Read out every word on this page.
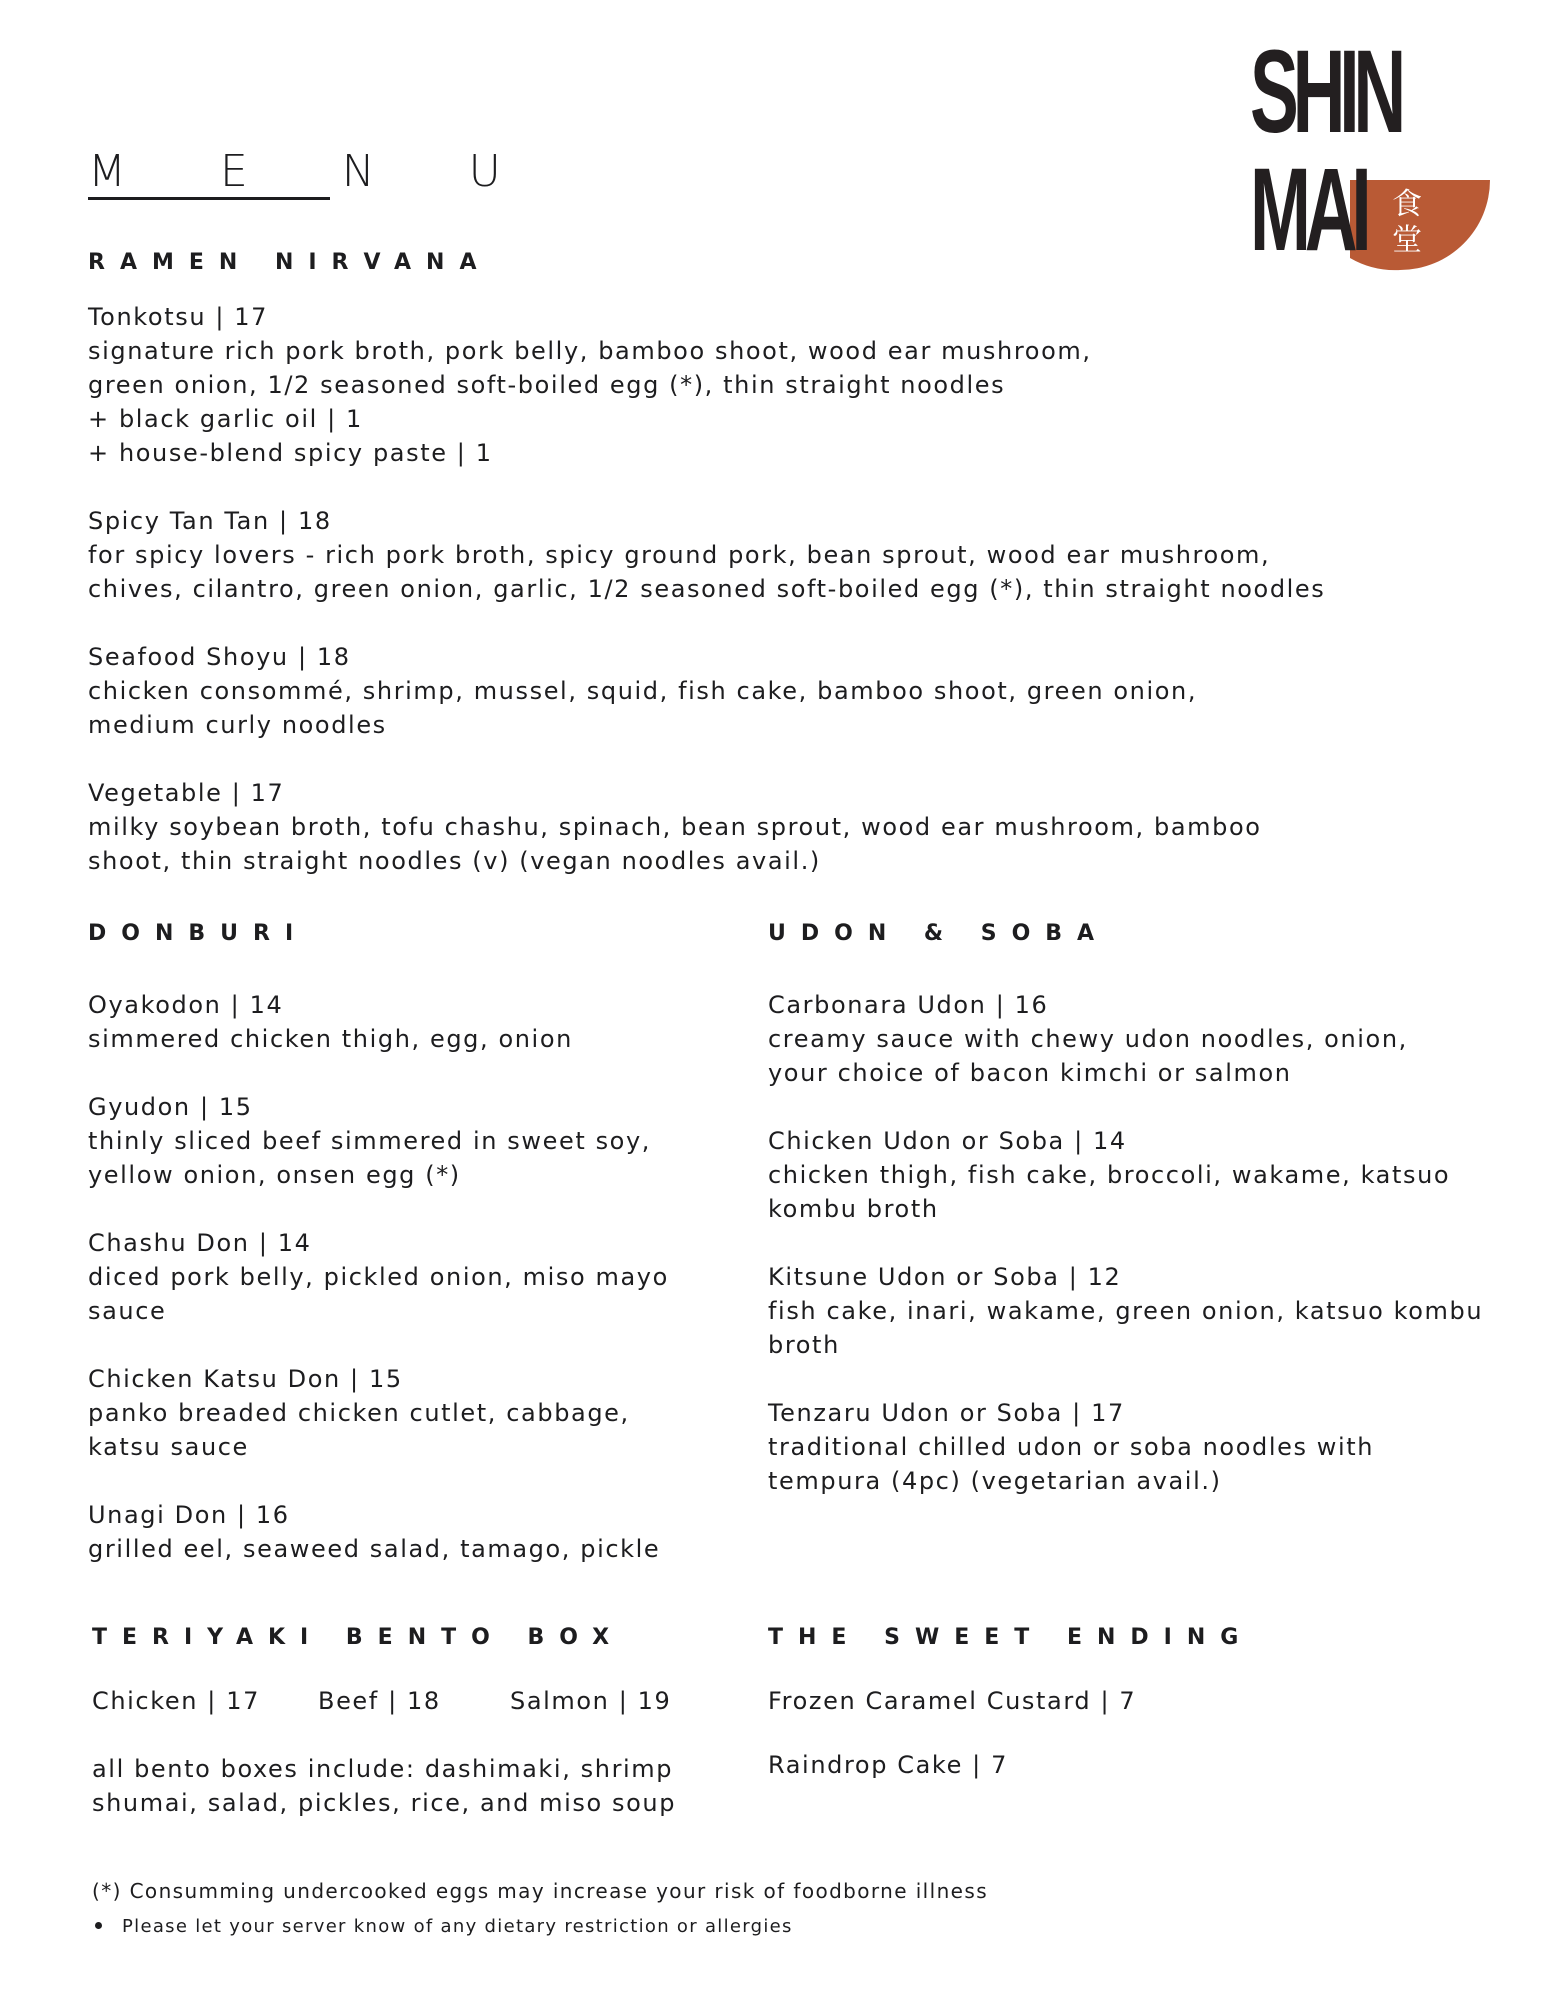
SHIN
MAI 食
堂
M E N U
RAMEN NIRVANA
Tonkotsu | 17
signature rich pork broth, pork belly, bamboo shoot, wood ear mushroom,
green onion, 1/2 seasoned soft-boiled egg (*), thin straight noodles
+ black garlic oil | 1
+ house-blend spicy paste | 1
Spicy Tan Tan | 18
for spicy lovers - rich pork broth, spicy ground pork, bean sprout, wood ear mushroom,
chives, cilantro, green onion, garlic, 1/2 seasoned soft-boiled egg (*), thin straight noodles
Seafood Shoyu | 18
chicken consommé, shrimp, mussel, squid, fish cake, bamboo shoot, green onion,
medium curly noodles
Vegetable | 17
milky soybean broth, tofu chashu, spinach, bean sprout, wood ear mushroom, bamboo
shoot, thin straight noodles (v) (vegan noodles avail.)
DONBURI
Oyakodon | 14
simmered chicken thigh, egg, onion
Gyudon | 15
thinly sliced beef simmered in sweet soy,
yellow onion, onsen egg (*)
Chashu Don | 14
diced pork belly, pickled onion, miso mayo
sauce
Chicken Katsu Don | 15
panko breaded chicken cutlet, cabbage,
katsu sauce
Unagi Don | 16
grilled eel, seaweed salad, tamago, pickle
UDON & SOBA
Carbonara Udon | 16
creamy sauce with chewy udon noodles, onion,
your choice of bacon kimchi or salmon
Chicken Udon or Soba | 14
chicken thigh, fish cake, broccoli, wakame, katsuo
kombu broth
Kitsune Udon or Soba | 12
fish cake, inari, wakame, green onion, katsuo kombu
broth
Tenzaru Udon or Soba | 17
traditional chilled udon or soba noodles with
tempura (4pc) (vegetarian avail.)
TERIYAKI BENTO BOX
Chicken | 17 Beef | 18	Salmon | 19
all bento boxes include: dashimaki, shrimp
shumai, salad, pickles, rice, and miso soup
THE SWEET ENDING
Frozen Caramel Custard | 7
Raindrop Cake | 7
(*) Consumming undercooked eggs may increase your risk of foodborne illness
Please let your server know of any dietary restriction or allergies
